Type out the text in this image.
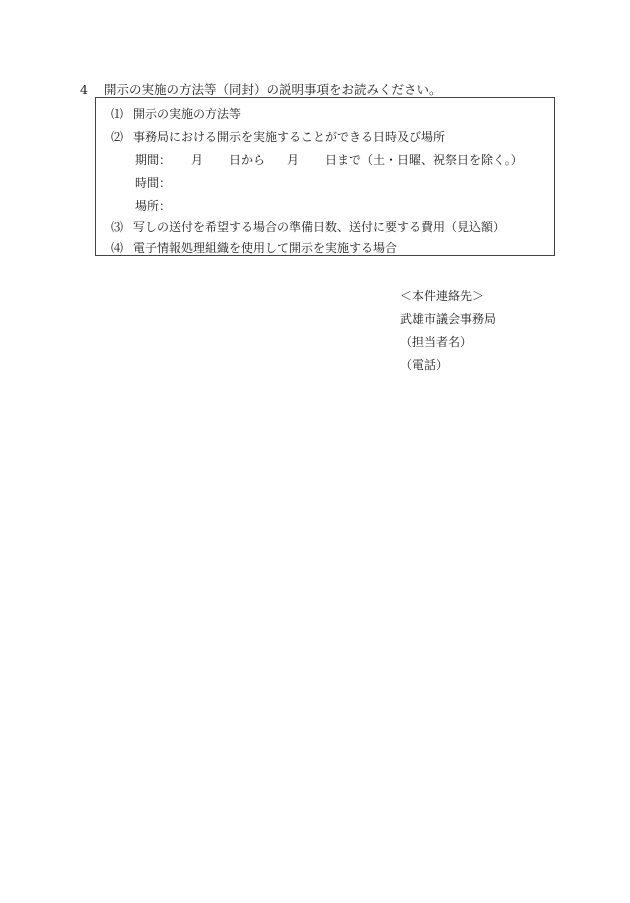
4 開示の実施の方法等（同封）の説明事項をお読みください。
⑴ 開示の実施の方法等
⑵ 事務局における開示を実施することができる日時及び場所
期間： 月 日から 月 日まで（土・日曜、祝祭日を除く。）
時間：
場所：
⑶ 写しの送付を希望する場合の準備日数、送付に要する費用（見込額）
⑷ 電子情報処理組織を使用して開示を実施する場合
＜本件連絡先＞
武雄市議会事務局
（担当者名）
（電話）
